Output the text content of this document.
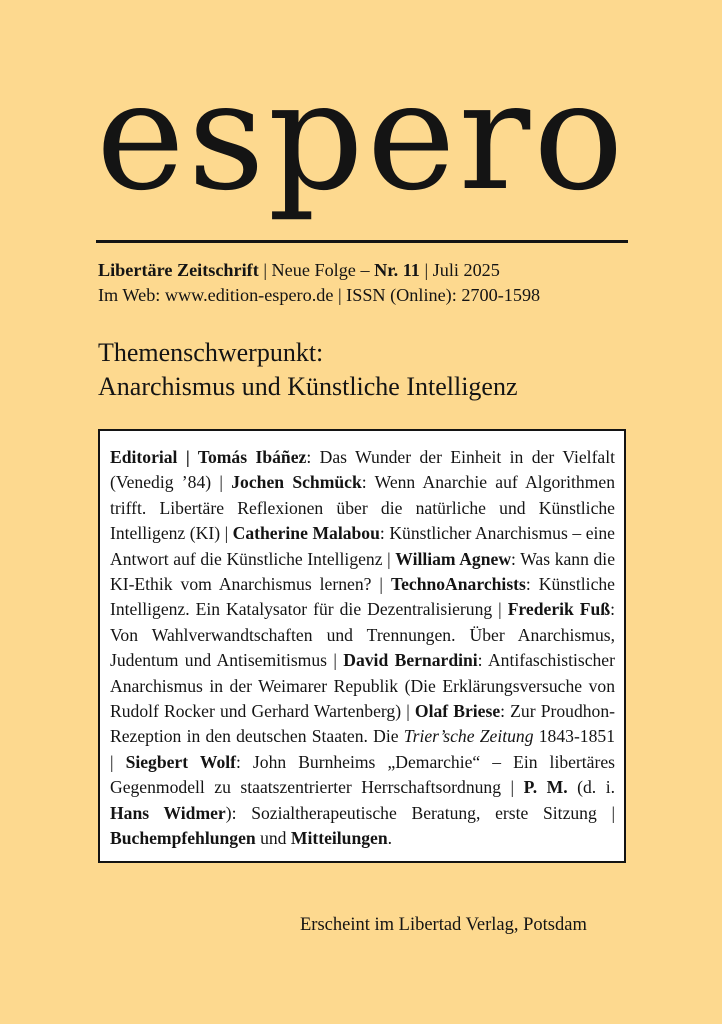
espero
Libertäre Zeitschrift | Neue Folge – Nr. 11 | Juli 2025
Im Web: www.edition-espero.de | ISSN (Online): 2700-1598
Themenschwerpunkt:
Anarchismus und Künstliche Intelligenz

Editorial | Tomás Ibáñez: Das Wunder der Einheit in der Vielfalt (Venedig ’84) | Jochen Schmück: Wenn Anarchie auf Algorithmen trifft. Libertäre Reflexionen über die natürliche und Künstliche Intelligenz (KI) | Catherine Malabou: Künstlicher Anarchismus – eine Antwort auf die Künstliche Intelligenz | William Agnew: Was kann die KI-Ethik vom Anarchismus lernen? | TechnoAnarchists: Künstliche Intelligenz. Ein Katalysator für die Dezentralisierung | Frederik Fuß: Von Wahlverwandtschaften und Trennungen. Über Anarchismus, Judentum und Antisemitismus | David Bernardini: Antifaschistischer Anarchismus in der Weimarer Republik (Die Erklärungsversuche von Rudolf Rocker und Gerhard Wartenberg) | Olaf Briese: Zur Proudhon-Rezeption in den deutschen Staaten. Die Trier’sche Zeitung 1843-1851 | Siegbert Wolf: John Burnheims „Demarchie“ – Ein libertäres Gegenmodell zu staatszentrierter Herrschaftsordnung | P. M. (d. i. Hans Widmer): Sozialtherapeutische Beratung, erste Sitzung | Buchempfehlungen und Mitteilungen.

Erscheint im Libertad Verlag, Potsdam
